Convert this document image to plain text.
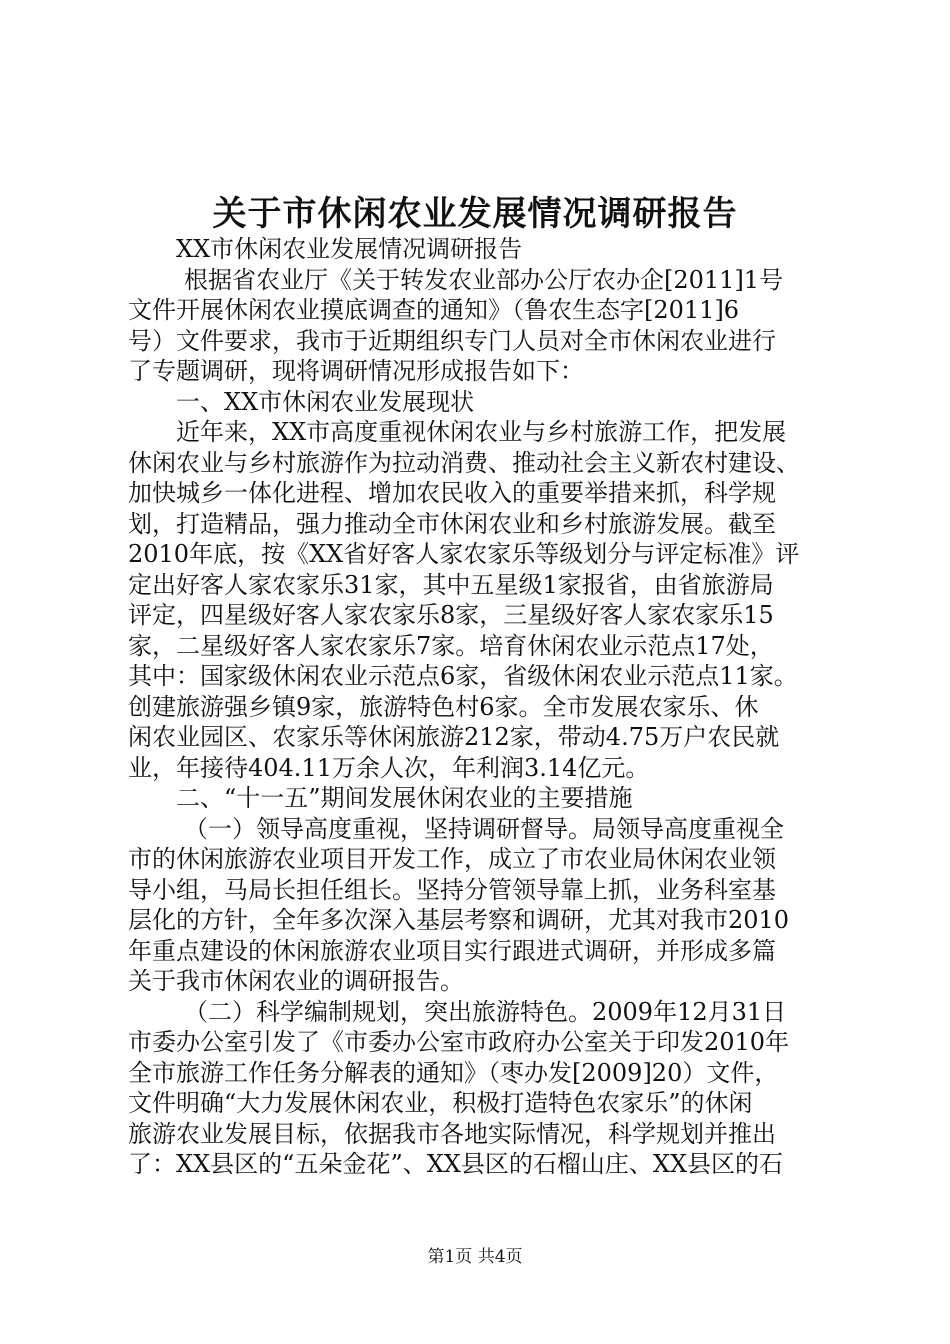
关于市休闲农业发展情况调研报告
XX市休闲农业发展情况调研报告
根据省农业厅《关于转发农业部办公厅农办企[2011]1号
文件开展休闲农业摸底调查的通知》（鲁农生态字[2011]6
号）文件要求，我市于近期组织专门人员对全市休闲农业进行
了专题调研，现将调研情况形成报告如下：
一、XX市休闲农业发展现状
近年来，XX市高度重视休闲农业与乡村旅游工作，把发展
休闲农业与乡村旅游作为拉动消费、推动社会主义新农村建设、
加快城乡一体化进程、增加农民收入的重要举措来抓，科学规
划，打造精品，强力推动全市休闲农业和乡村旅游发展。截至
2010年底，按《XX省好客人家农家乐等级划分与评定标准》评
定出好客人家农家乐31家，其中五星级1家报省，由省旅游局
评定，四星级好客人家农家乐8家，三星级好客人家农家乐15
家，二星级好客人家农家乐7家。培育休闲农业示范点17处，
其中：国家级休闲农业示范点6家，省级休闲农业示范点11家。
创建旅游强乡镇9家，旅游特色村6家。全市发展农家乐、休
闲农业园区、农家乐等休闲旅游212家，带动4.75万户农民就
业，年接待404.11万余人次，年利润3.14亿元。
二、“十一五”期间发展休闲农业的主要措施
（一）领导高度重视，坚持调研督导。局领导高度重视全
市的休闲旅游农业项目开发工作，成立了市农业局休闲农业领
导小组，马局长担任组长。坚持分管领导靠上抓，业务科室基
层化的方针，全年多次深入基层考察和调研，尤其对我市2010
年重点建设的休闲旅游农业项目实行跟进式调研，并形成多篇
关于我市休闲农业的调研报告。
（二）科学编制规划，突出旅游特色。2009年12月31日
市委办公室引发了《市委办公室市政府办公室关于印发2010年
全市旅游工作任务分解表的通知》（枣办发[2009]20）文件，
文件明确“大力发展休闲农业，积极打造特色农家乐”的休闲
旅游农业发展目标，依据我市各地实际情况，科学规划并推出
了：XX县区的“五朵金花”、XX县区的石榴山庄、XX县区的石
第1页 共4页
